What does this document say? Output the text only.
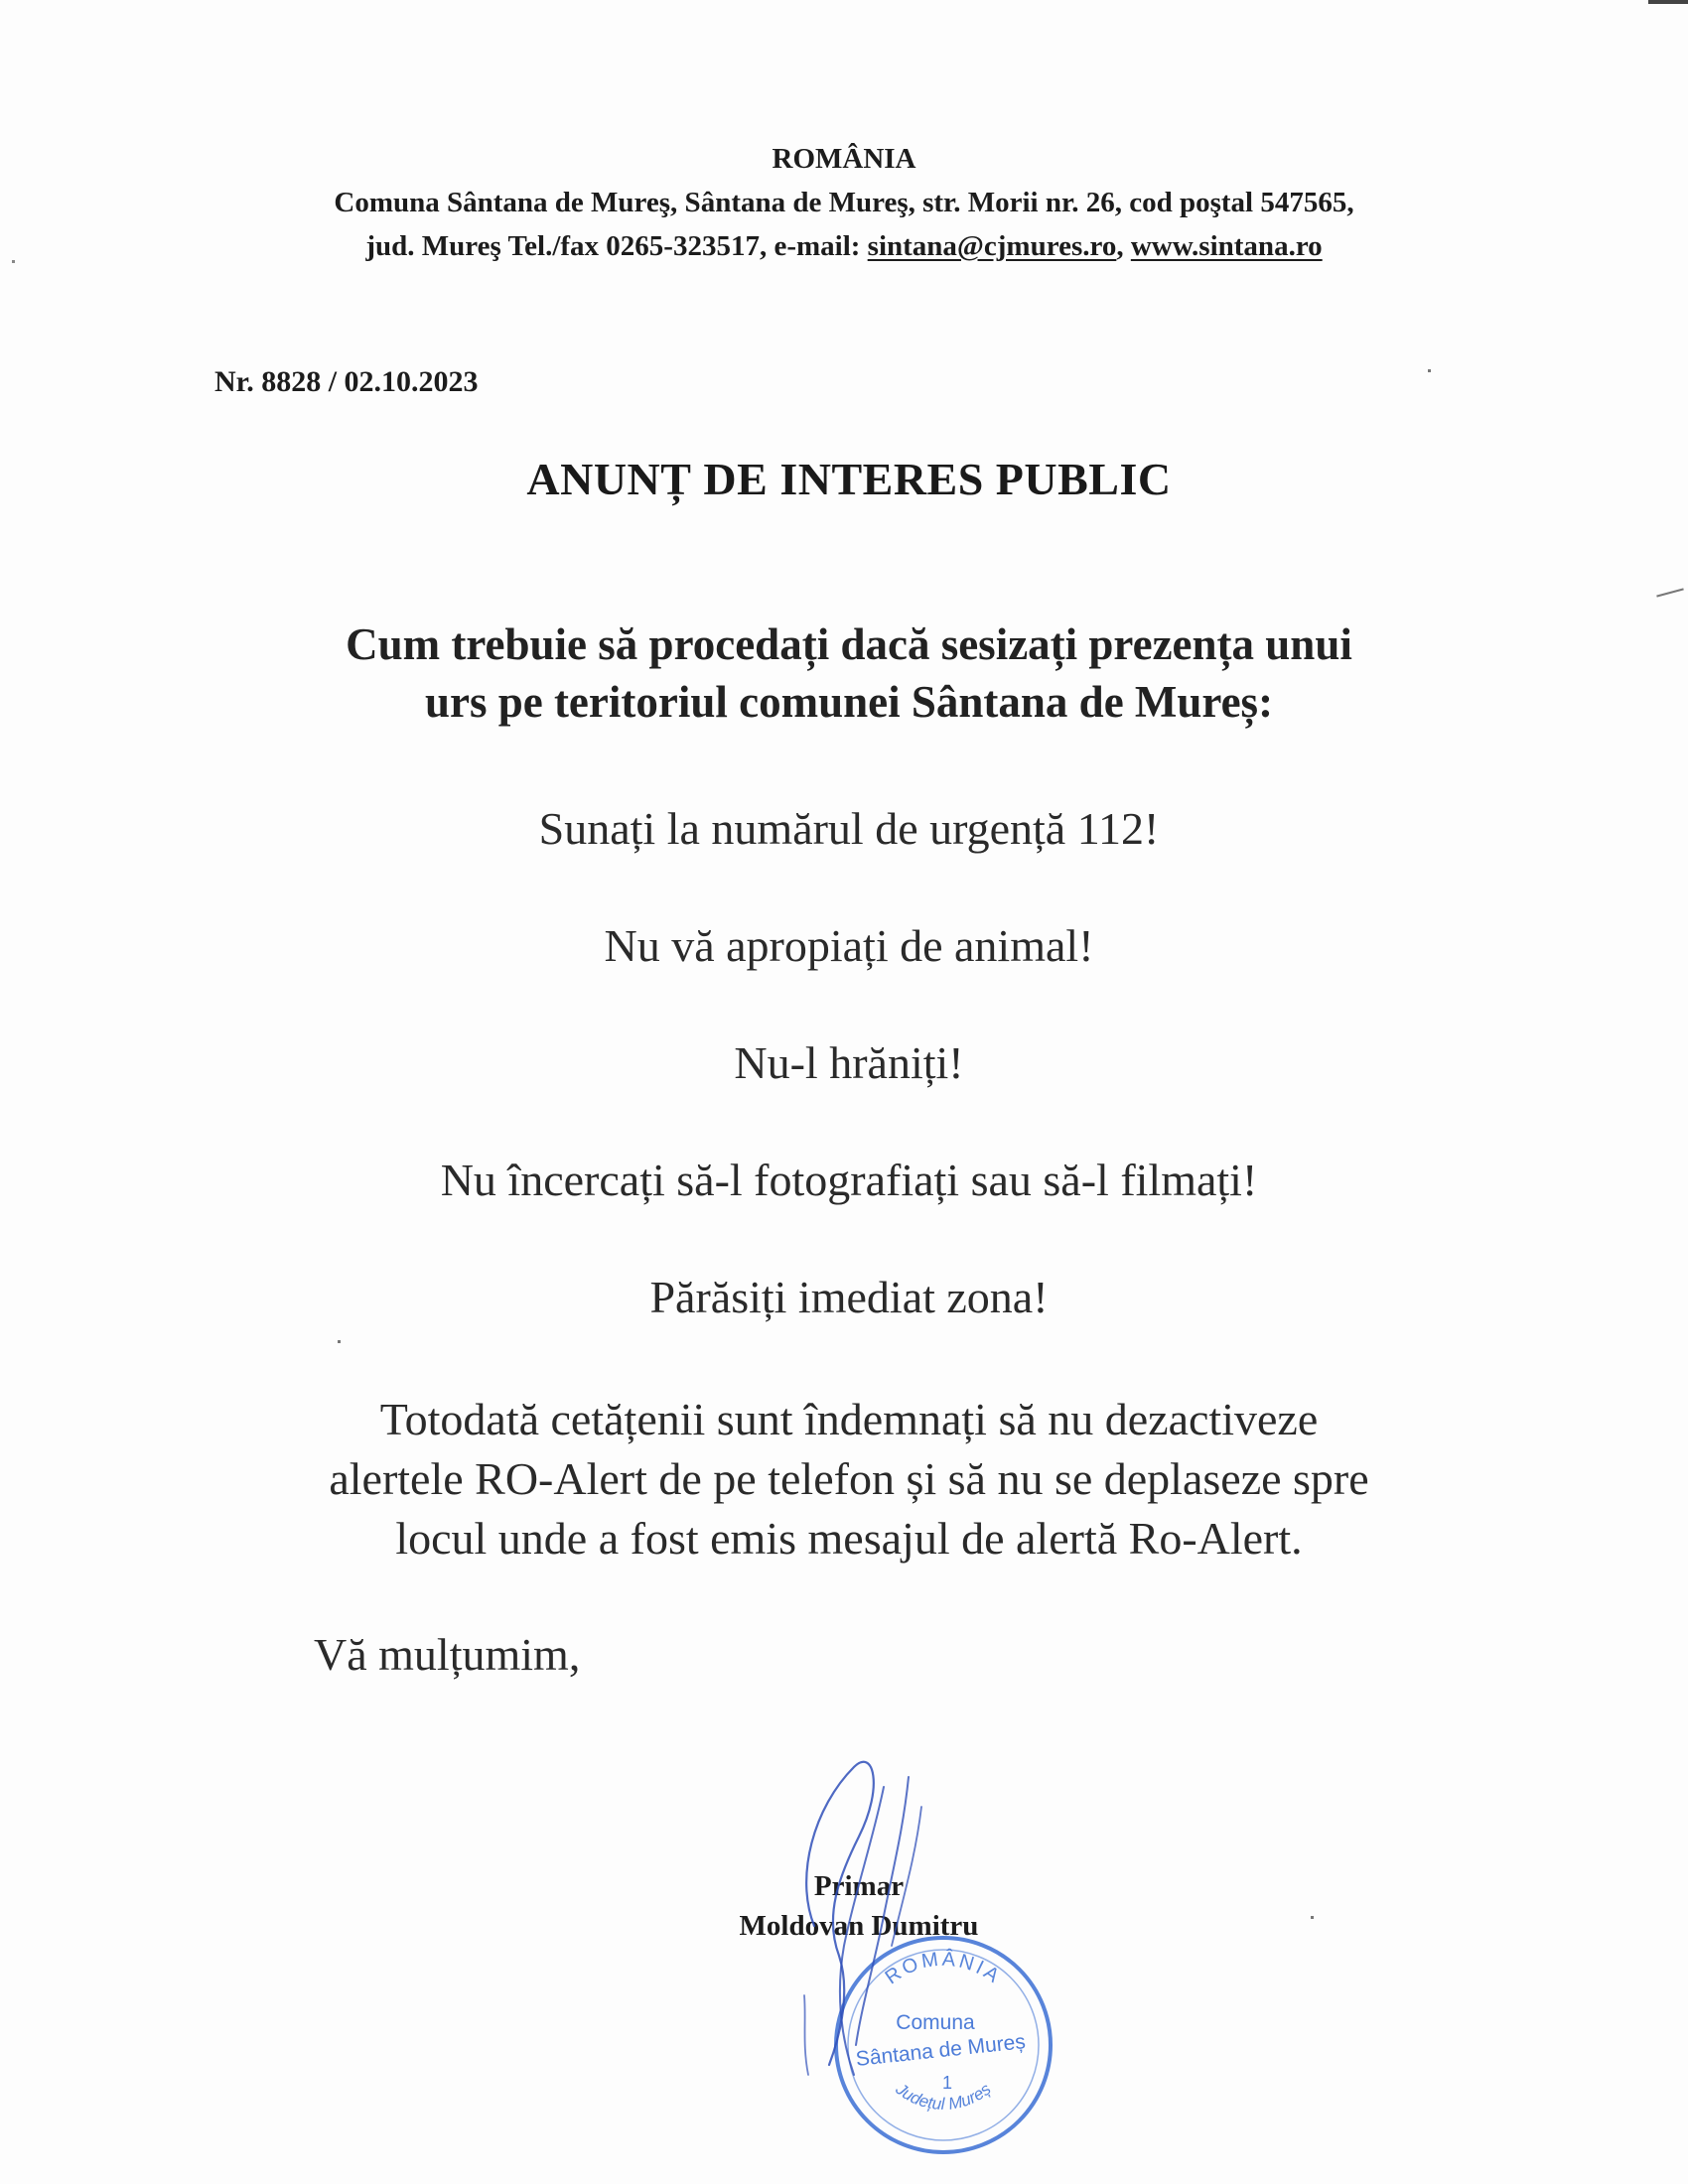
ROMÂNIA
Comuna Sântana de Mureş, Sântana de Mureş, str. Morii nr. 26, cod poştal 547565,
jud. Mureş Tel./fax 0265-323517, e-mail: sintana@cjmures.ro, www.sintana.ro
Nr. 8828 / 02.10.2023
ANUNȚ DE INTERES PUBLIC
Cum trebuie să procedați dacă sesizați prezența unui
urs pe teritoriul comunei Sântana de Mureș:
Sunați la numărul de urgență 112!
Nu vă apropiați de animal!
Nu-l hrăniți!
Nu încercați să-l fotografiați sau să-l filmați!
Părăsiți imediat zona!
Totodată cetățenii sunt îndemnați să nu dezactiveze
alertele RO-Alert de pe telefon și să nu se deplaseze spre
locul unde a fost emis mesajul de alertă Ro-Alert.
Vă mulțumim,
Primar
Moldovan Dumitru
ROMÂNIA
Comuna
Sântana de Mureș
1
Județul Mureș
